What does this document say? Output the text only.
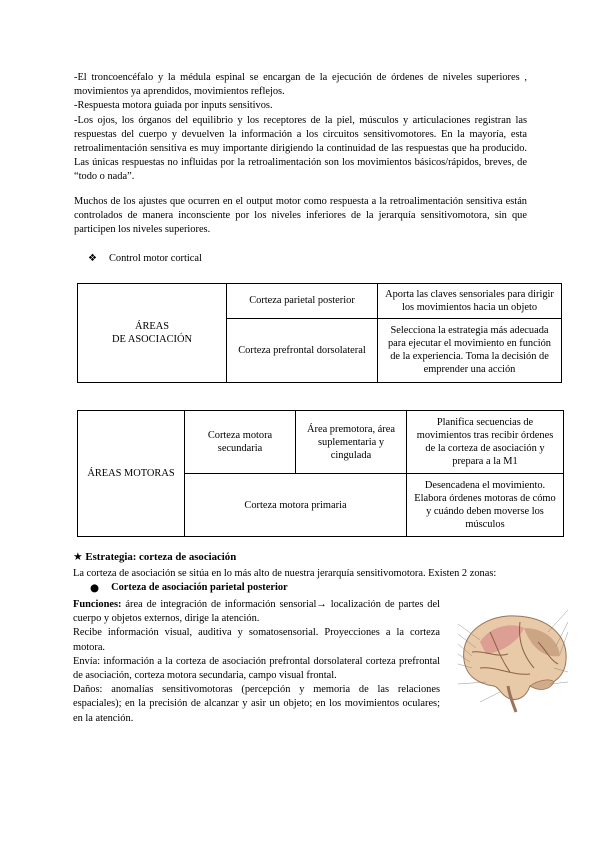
-El troncoencéfalo y la médula espinal se encargan de la ejecución de órdenes de niveles superiores , movimientos ya aprendidos, movimientos reflejos.

-Respuesta motora guiada por inputs sensitivos.

-Los ojos, los órganos del equilibrio y los receptores de la piel, músculos y articulaciones registran las respuestas del cuerpo y devuelven la información a los circuitos sensitivomotores. En la mayoría, esta retroalimentación sensitiva es muy importante dirigiendo la continuidad de las respuestas que ha producido. Las únicas respuestas no influidas por la retroalimentación son los movimientos básicos/rápidos, breves, de “todo o nada”.

Muchos de los ajustes que ocurren en el output motor como respuesta a la retroalimentación sensitiva están controlados de manera inconsciente por los niveles inferiores de la jerarquía sensitivomotora, sin que participen los niveles superiores.

❖ Control motor cortical
ÁREAS
DE ASOCIACIÓN	Corteza parietal posterior	Aporta las claves sensoriales para dirigir los movimientos hacia un objeto
	Corteza prefrontal dorsolateral	Selecciona la estrategia más adecuada para ejecutar el movimiento en función de la experiencia. Toma la decisión de emprender una acción
ÁREAS MOTORAS	Corteza motora secundaria	Área premotora, área suplementaria y cingulada	Planifica secuencias de movimientos tras recibir órdenes de la corteza de asociación y prepara a la M1
	Corteza motora primaria		Desencadena el movimiento. Elabora órdenes motoras de cómo y cuándo deben moverse los músculos
★ Estrategia: corteza de asociación

La corteza de asociación se sitúa en lo más alto de nuestra jerarquía sensitivomotora. Existen 2 zonas:

● Corteza de asociación parietal posterior

Funciones: área de integración de información sensorial→ localización de partes del cuerpo y objetos externos, dirige la atención.

Recibe información visual, auditiva y somatosensorial. Proyecciones a la corteza motora.

Envía: información a la corteza de asociación prefrontal dorsolateral corteza prefrontal de asociación, corteza motora secundaria, campo visual frontal.

Daños: anomalías sensitivomotoras (percepción y memoria de las relaciones espaciales); en la precisión de alcanzar y asir un objeto; en los movimientos oculares; en la atención.
